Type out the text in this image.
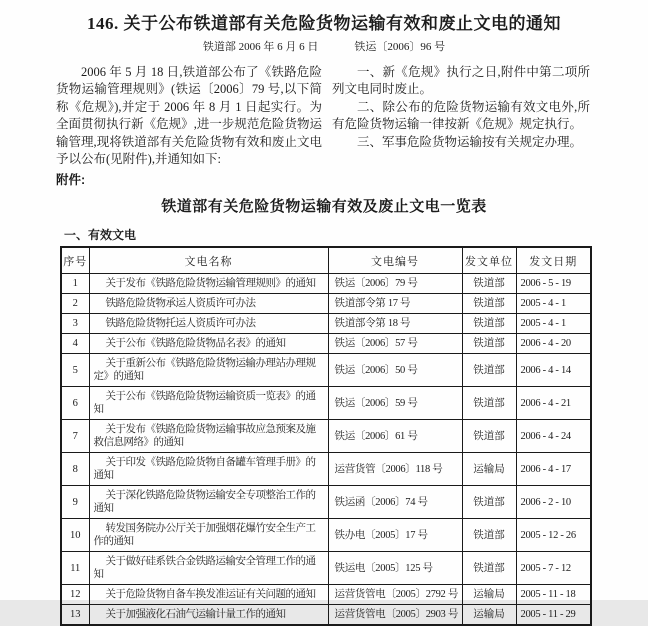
146. 关于公布铁道部有关危险货物运输有效和废止文电的通知
铁道部 2006 年 6 月 6 日	铁运〔2006〕96 号

2006 年 5 月 18 日,铁道部公布了《铁路危险货物运输管理规则》(铁运〔2006〕79 号,以下简称《危规》),并定于 2006 年 8 月 1 日起实行。为全面贯彻执行新《危规》,进一步规范危险货物运输管理,现将铁道部有关危险货物有效和废止文电予以公布(见附件),并通知如下:

一、新《危规》执行之日,附件中第二项所列文电同时废止。

二、除公布的危险货物运输有效文电外,所有危险货物运输一律按新《危规》规定执行。

三、军事危险货物运输按有关规定办理。

附件:
铁道部有关危险货物运输有效及废止文电一览表
一、有效文电
序号	文电名称	文电编号	发文单位	发文日期
1	关于发布《铁路危险货物运输管理规则》的通知	铁运〔2006〕79 号	铁道部	2006 - 5 - 19
2	铁路危险货物承运人资质许可办法	铁道部令第 17 号	铁道部	2005 - 4 - 1
3	铁路危险货物托运人资质许可办法	铁道部令第 18 号	铁道部	2005 - 4 - 1
4	关于公布《铁路危险货物品名表》的通知	铁运〔2006〕57 号	铁道部	2006 - 4 - 20
5	关于重新公布《铁路危险货物运输办理站办理规定》的通知	铁运〔2006〕50 号	铁道部	2006 - 4 - 14
6	关于公布《铁路危险货物运输资质一览表》的通知	铁运〔2006〕59 号	铁道部	2006 - 4 - 21
7	关于发布《铁路危险货物运输事故应急预案及施救信息网络》的通知	铁运〔2006〕61 号	铁道部	2006 - 4 - 24
8	关于印发《铁路危险货物自备罐车管理手册》的通知	运营货管〔2006〕118 号	运输局	2006 - 4 - 17
9	关于深化铁路危险货物运输安全专项整治工作的通知	铁运函〔2006〕74 号	铁道部	2006 - 2 - 10
10	转发国务院办公厅关于加强烟花爆竹安全生产工作的通知	铁办电〔2005〕17 号	铁道部	2005 - 12 - 26
11	关于做好硅系铁合金铁路运输安全管理工作的通知	铁运电〔2005〕125 号	铁道部	2005 - 7 - 12
12	关于危险货物自备车换发准运证有关问题的通知	运营货管电〔2005〕2792 号	运输局	2005 - 11 - 18
13	关于加强液化石油气运输计量工作的通知	运营货管电〔2005〕2903 号	运输局	2005 - 11 - 29
